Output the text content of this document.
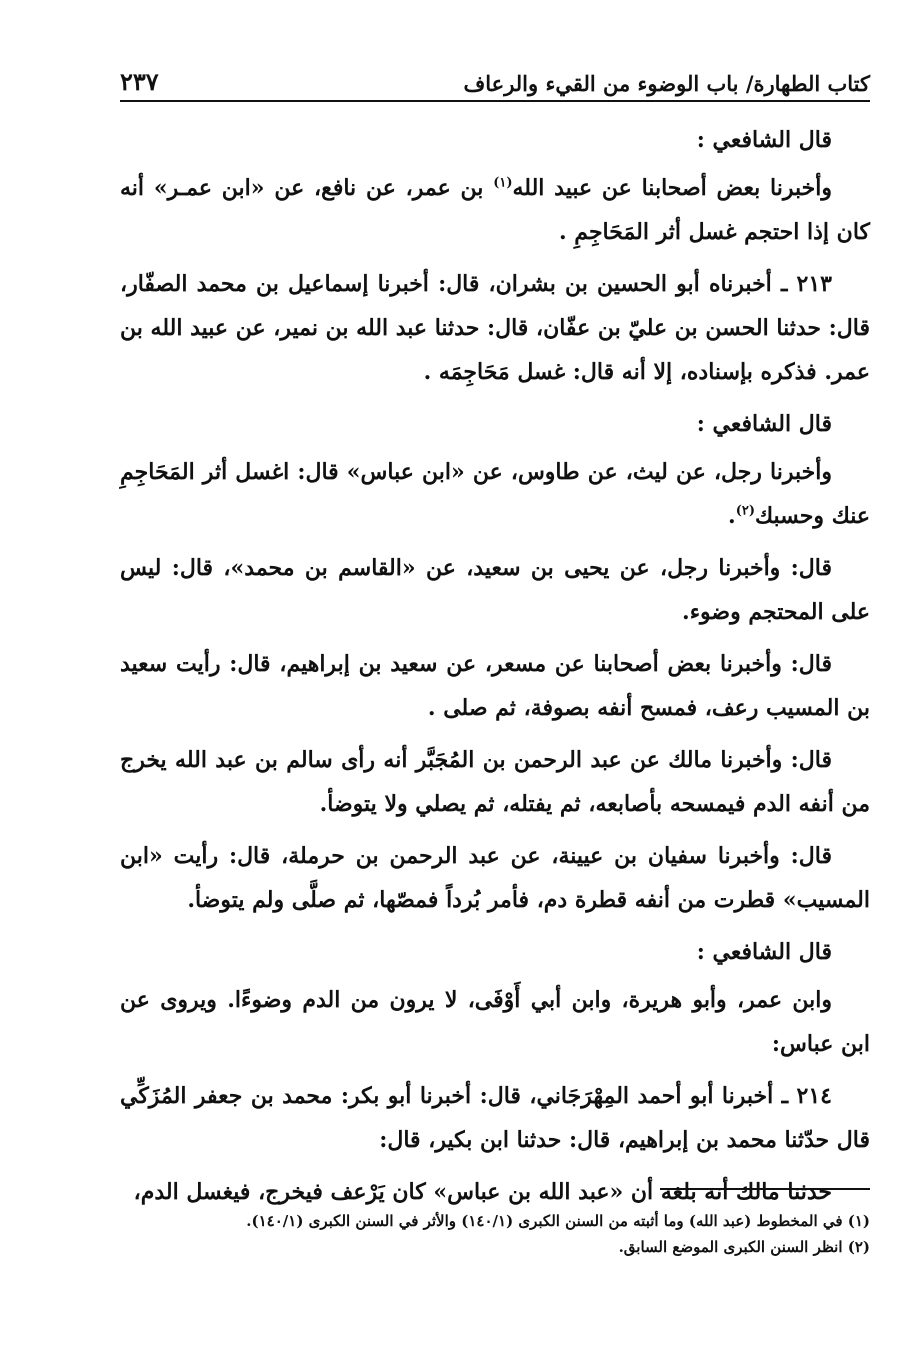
٢٣٧	كتاب الطهارة/ باب الوضوء من القيء والرعاف

قال الشافعي :

وأخبرنا بعض أصحابنا عن عبيد الله$^{(١)}$ بن عمر، عن نافع، عن «ابن عمـر» أنه كان إذا احتجم غسل أثر المَحَاجِمِ .

٢١٣ ـ أخبرناه أبو الحسين بن بشران، قال: أخبرنا إسماعيل بن محمد الصفّار، قال: حدثنا الحسن بن عليّ بن عفّان، قال: حدثنا عبد الله بن نمير، عن عبيد الله بن عمر. فذكره بإسناده، إلا أنه قال: غسل مَحَاجِمَه .

قال الشافعي :

وأخبرنا رجل، عن ليث، عن طاوس، عن «ابن عباس» قال: اغسل أثر المَحَاجِمِ عنك وحسبك$^{(٢)}$.

قال: وأخبرنا رجل، عن يحيى بن سعيد، عن «القاسم بن محمد»، قال: ليس على المحتجم وضوء.

قال: وأخبرنا بعض أصحابنا عن مسعر، عن سعيد بن إبراهيم، قال: رأيت سعيد بن المسيب رعف، فمسح أنفه بصوفة، ثم صلى .

قال: وأخبرنا مالك عن عبد الرحمن بن المُجَبَّر أنه رأى سالم بن عبد الله يخرج من أنفه الدم فيمسحه بأصابعه، ثم يفتله، ثم يصلي ولا يتوضأ.

قال: وأخبرنا سفيان بن عيينة، عن عبد الرحمن بن حرملة، قال: رأيت «ابن المسيب» قطرت من أنفه قطرة دم، فأمر بُرداً فمصّها، ثم صلَّى ولم يتوضأ.

قال الشافعي :

وابن عمر، وأبو هريرة، وابن أبي أَوْفَى، لا يرون من الدم وضوءًا. ويروى عن ابن عباس:

٢١٤ ـ أخبرنا أبو أحمد المِهْرَجَاني، قال: أخبرنا أبو بكر: محمد بن جعفر المُزَكِّي قال حدّثنا محمد بن إبراهيم، قال: حدثنا ابن بكير، قال:

حدثنا مالك أنه بلغه أن «عبد الله بن عباس» كان يَرْعف فيخرج، فيغسل الدم،

(١) في المخطوط (عبد الله) وما أثبته من السنن الكبرى (١٤٠/١) والأثر في السنن الكبرى (١٤٠/١).

(٢) انظر السنن الكبرى الموضع السابق.
